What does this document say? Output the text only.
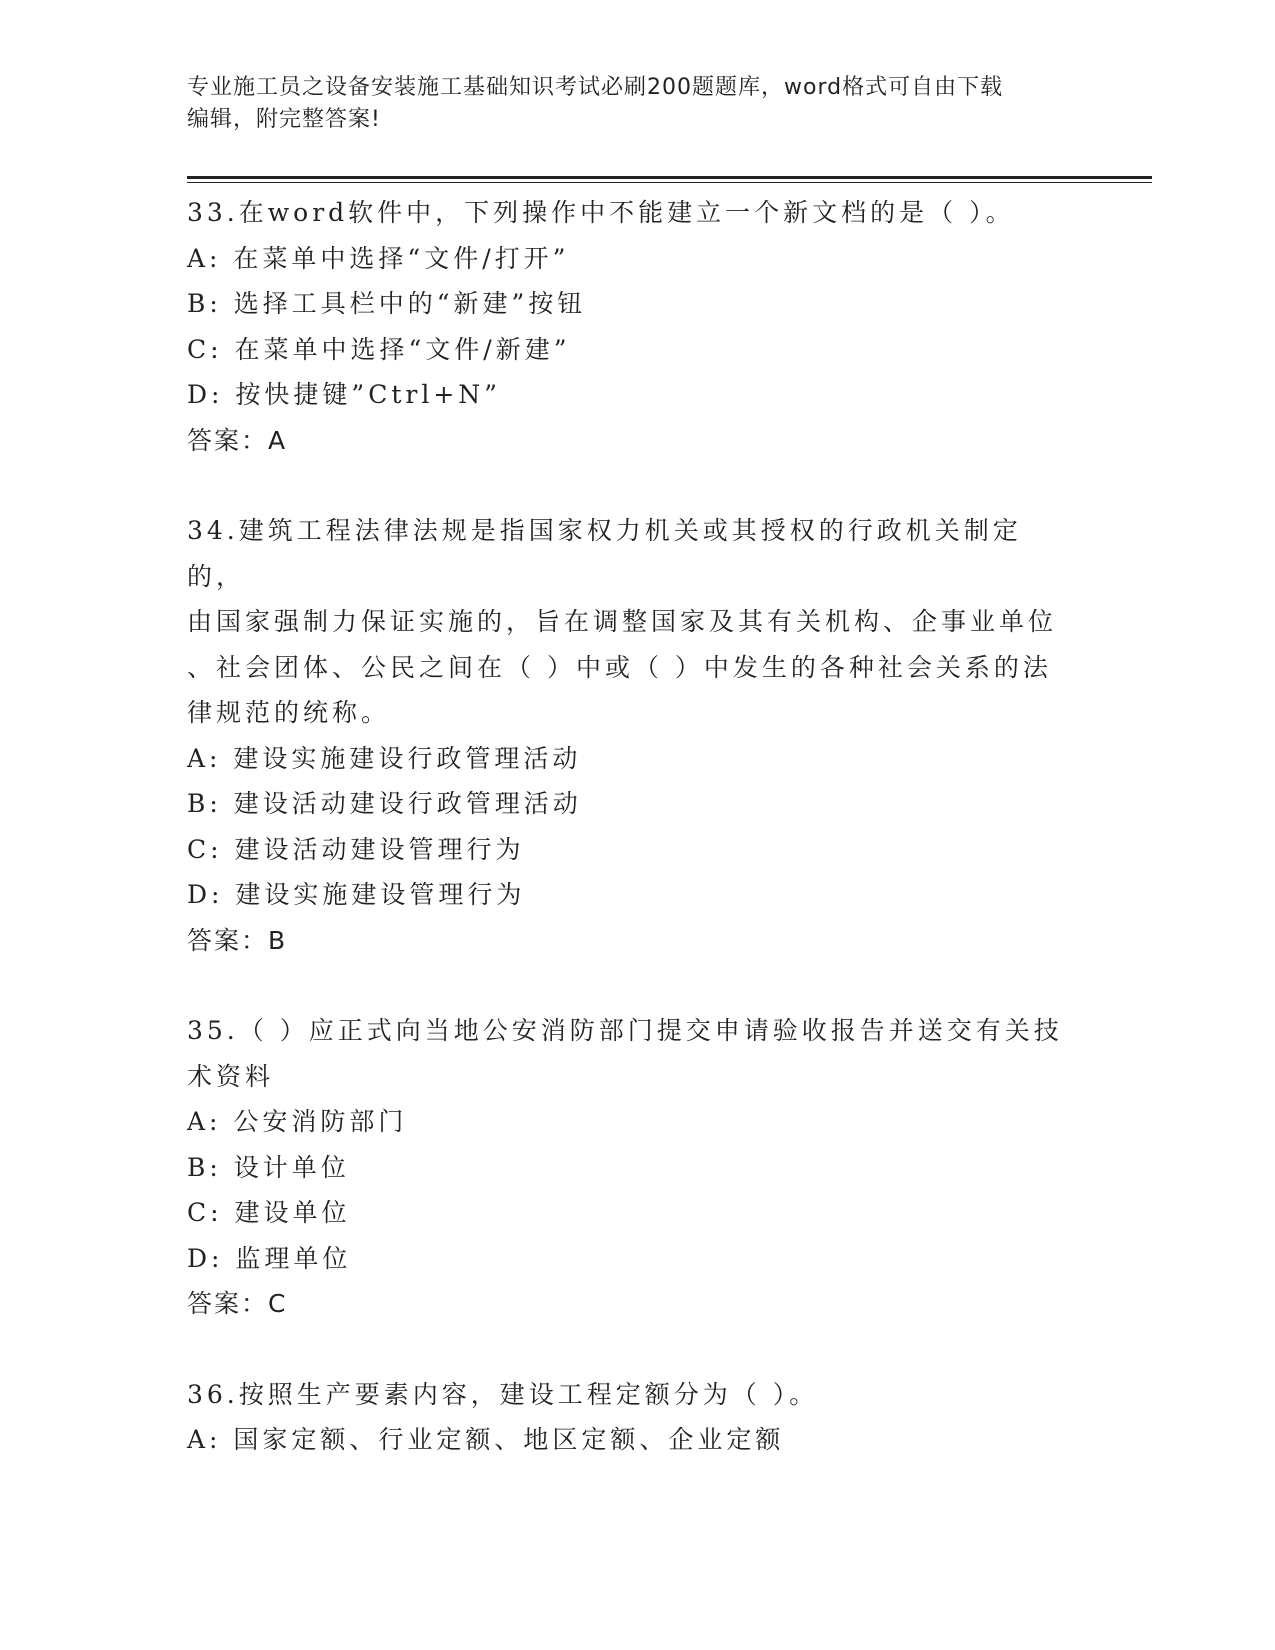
专业施工员之设备安装施工基础知识考试必刷200题题库，word格式可自由下载
编辑，附完整答案!

33.在word软件中，下列操作中不能建立一个新文档的是（ ）。

A: 在菜单中选择“文件/打开”

B: 选择工具栏中的“新建”按钮

C: 在菜单中选择“文件/新建”

D: 按快捷键”Ctrl+N”

答案：A

34.建筑工程法律法规是指国家权力机关或其授权的行政机关制定的，

由国家强制力保证实施的，旨在调整国家及其有关机构、企事业单位

、社会团体、公民之间在（ ）中或（ ）中发生的各种社会关系的法

律规范的统称。

A: 建设实施建设行政管理活动

B: 建设活动建设行政管理活动

C: 建设活动建设管理行为

D: 建设实施建设管理行为

答案：B

35.（ ）应正式向当地公安消防部门提交申请验收报告并送交有关技

术资料

A: 公安消防部门

B: 设计单位

C: 建设单位

D: 监理单位

答案：C

36.按照生产要素内容，建设工程定额分为（ ）。

A: 国家定额、行业定额、地区定额、企业定额
